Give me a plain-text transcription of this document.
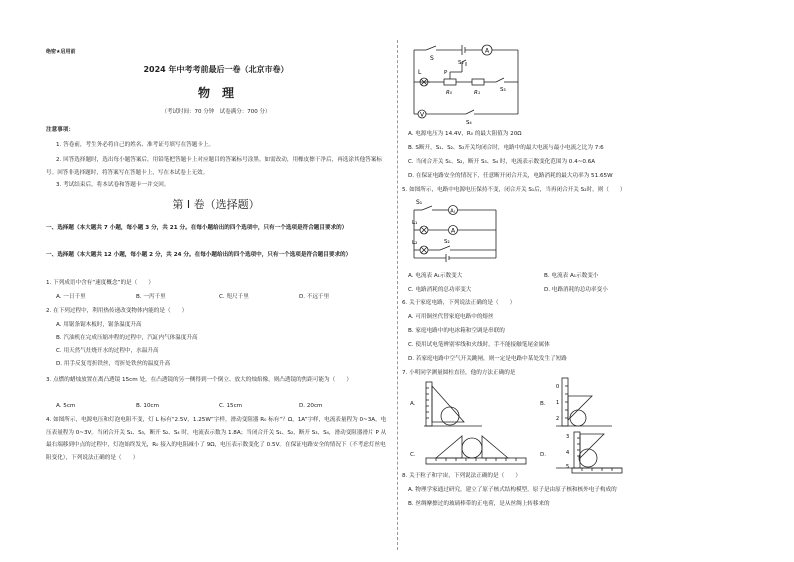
绝密★启用前
2024 年中考考前最后一卷（北京市卷）
物　理
（考试时间：70 分钟　试卷满分：700 分）
注意事项：
1. 答卷前，考生务必将自己的姓名、准考证号填写在答题卡上。
2. 回答选择题时，选出每小题答案后，用铅笔把答题卡上对应题目的答案标号涂黑。如需改动，用橡皮擦干净后，再选涂其他答案标号。回答非选择题时，将答案写在答题卡上，写在本试卷上无效。
3. 考试结束后，将本试卷和答题卡一并交回。
第 I 卷（选择题）
一、选择题（本大题共 7 小题，每小题 3 分，共 21 分。在每小题给出的四个选项中，只有一个选项是符合题目要求的）
一、选择题（本大题共 12 小题，每小题 2 分，共 24 分。在每小题给出的四个选项中，只有一个选项是符合题目要求的）
1. 下列成语中含有“速度概念”的是（　　）
A. 一日千里	B. 一泻千里	C. 咫尺千里	D. 不远千里
2. 在下列过程中，利用热传递改变物体内能的是（　　）
A. 用锯条锯木板时，锯条温度升高
B. 汽油机在完成压缩冲程的过程中，汽缸内气体温度升高
C. 用天然气灶烧开水的过程中，水温升高
D. 用手反复弯折铁丝，弯折处铁丝的温度升高
3. 点燃的蜡烛放置在离凸透镜 15cm 处，在凸透镜的另一侧得到一个倒立、放大的烛焰像，则凸透镜的焦距可能为（　　）
A. 5cm	B. 10cm	C. 15cm	D. 20cm
4. 如图所示，电源电压和灯泡电阻不变，灯 L 标有“2.5V，1.25W”字样，滑动变阻器 R₀ 标有“？Ω，1A”字样，电流表量程为 0~3A，电压表量程为 0~3V。当闭合开关 S₁、S₃，断开 S₂、S₄ 时，电流表示数为 1.8A；当闭合开关 S₁、S₂，断开 S₃、S₄，滑动变阻器滑片 P 从最右端移到中点的过程中，灯泡始终发光，R₀ 接入的电阻减小了 9Ω，电压表示数变化了 0.5V。在保证电路安全的情况下（不考虑灯丝电阻变化），下列说法正确的是（　　）
A
S
S₂
L
R₀
P
R₁	S₃
V
S₄
A. 电源电压为 14.4V，R₀ 的最大阻值为 20Ω
B. S断开，S₁、S₂、S₃开关均闭合时，电路中的最大电流与最小电流之比为 7:6
C. 当闭合开关 S₁、S₂，断开 S₃、S₄ 时，电流表示数变化范围为 0.4~0.6A
D. 在保证电路安全的情况下，任意断开闭合开关，电路消耗的最大功率为 51.65W
5. 如图所示，电路中电源电压保持不变，闭合开关 S₁后，当再闭合开关 S₂时，则（　　）
S₁
A₁
L₁
A
L₂	S₂
A. 电流表 A₁示数变大	B. 电流表 A₁示数变小
C. 电路消耗的总功率变大	D. 电路消耗的总功率变小
6. 关于家庭电路，下列说法正确的是（　　）
A. 可用铜丝代替家庭电路中的熔丝
B. 家庭电路中的电冰箱和空调是串联的
C. 使用试电笔辨别零线和火线时，手不能接触笔尾金属体
D. 若家庭电路中空气开关跳闸，则一定是电路中某处发生了短路
7. 小明同学测量圆柱直径，他的方法正确的是
A.	B.
0
1
2
C.	D.
3
4
5
8. 关于粒子和宇宙，下列说法正确的是（　　）
A. 物理学家通过研究，建立了原子核式结构模型，原子是由原子核和核外电子构成的
B. 丝绸摩擦过的玻璃棒带的正电荷，是从丝绸上转移来的
